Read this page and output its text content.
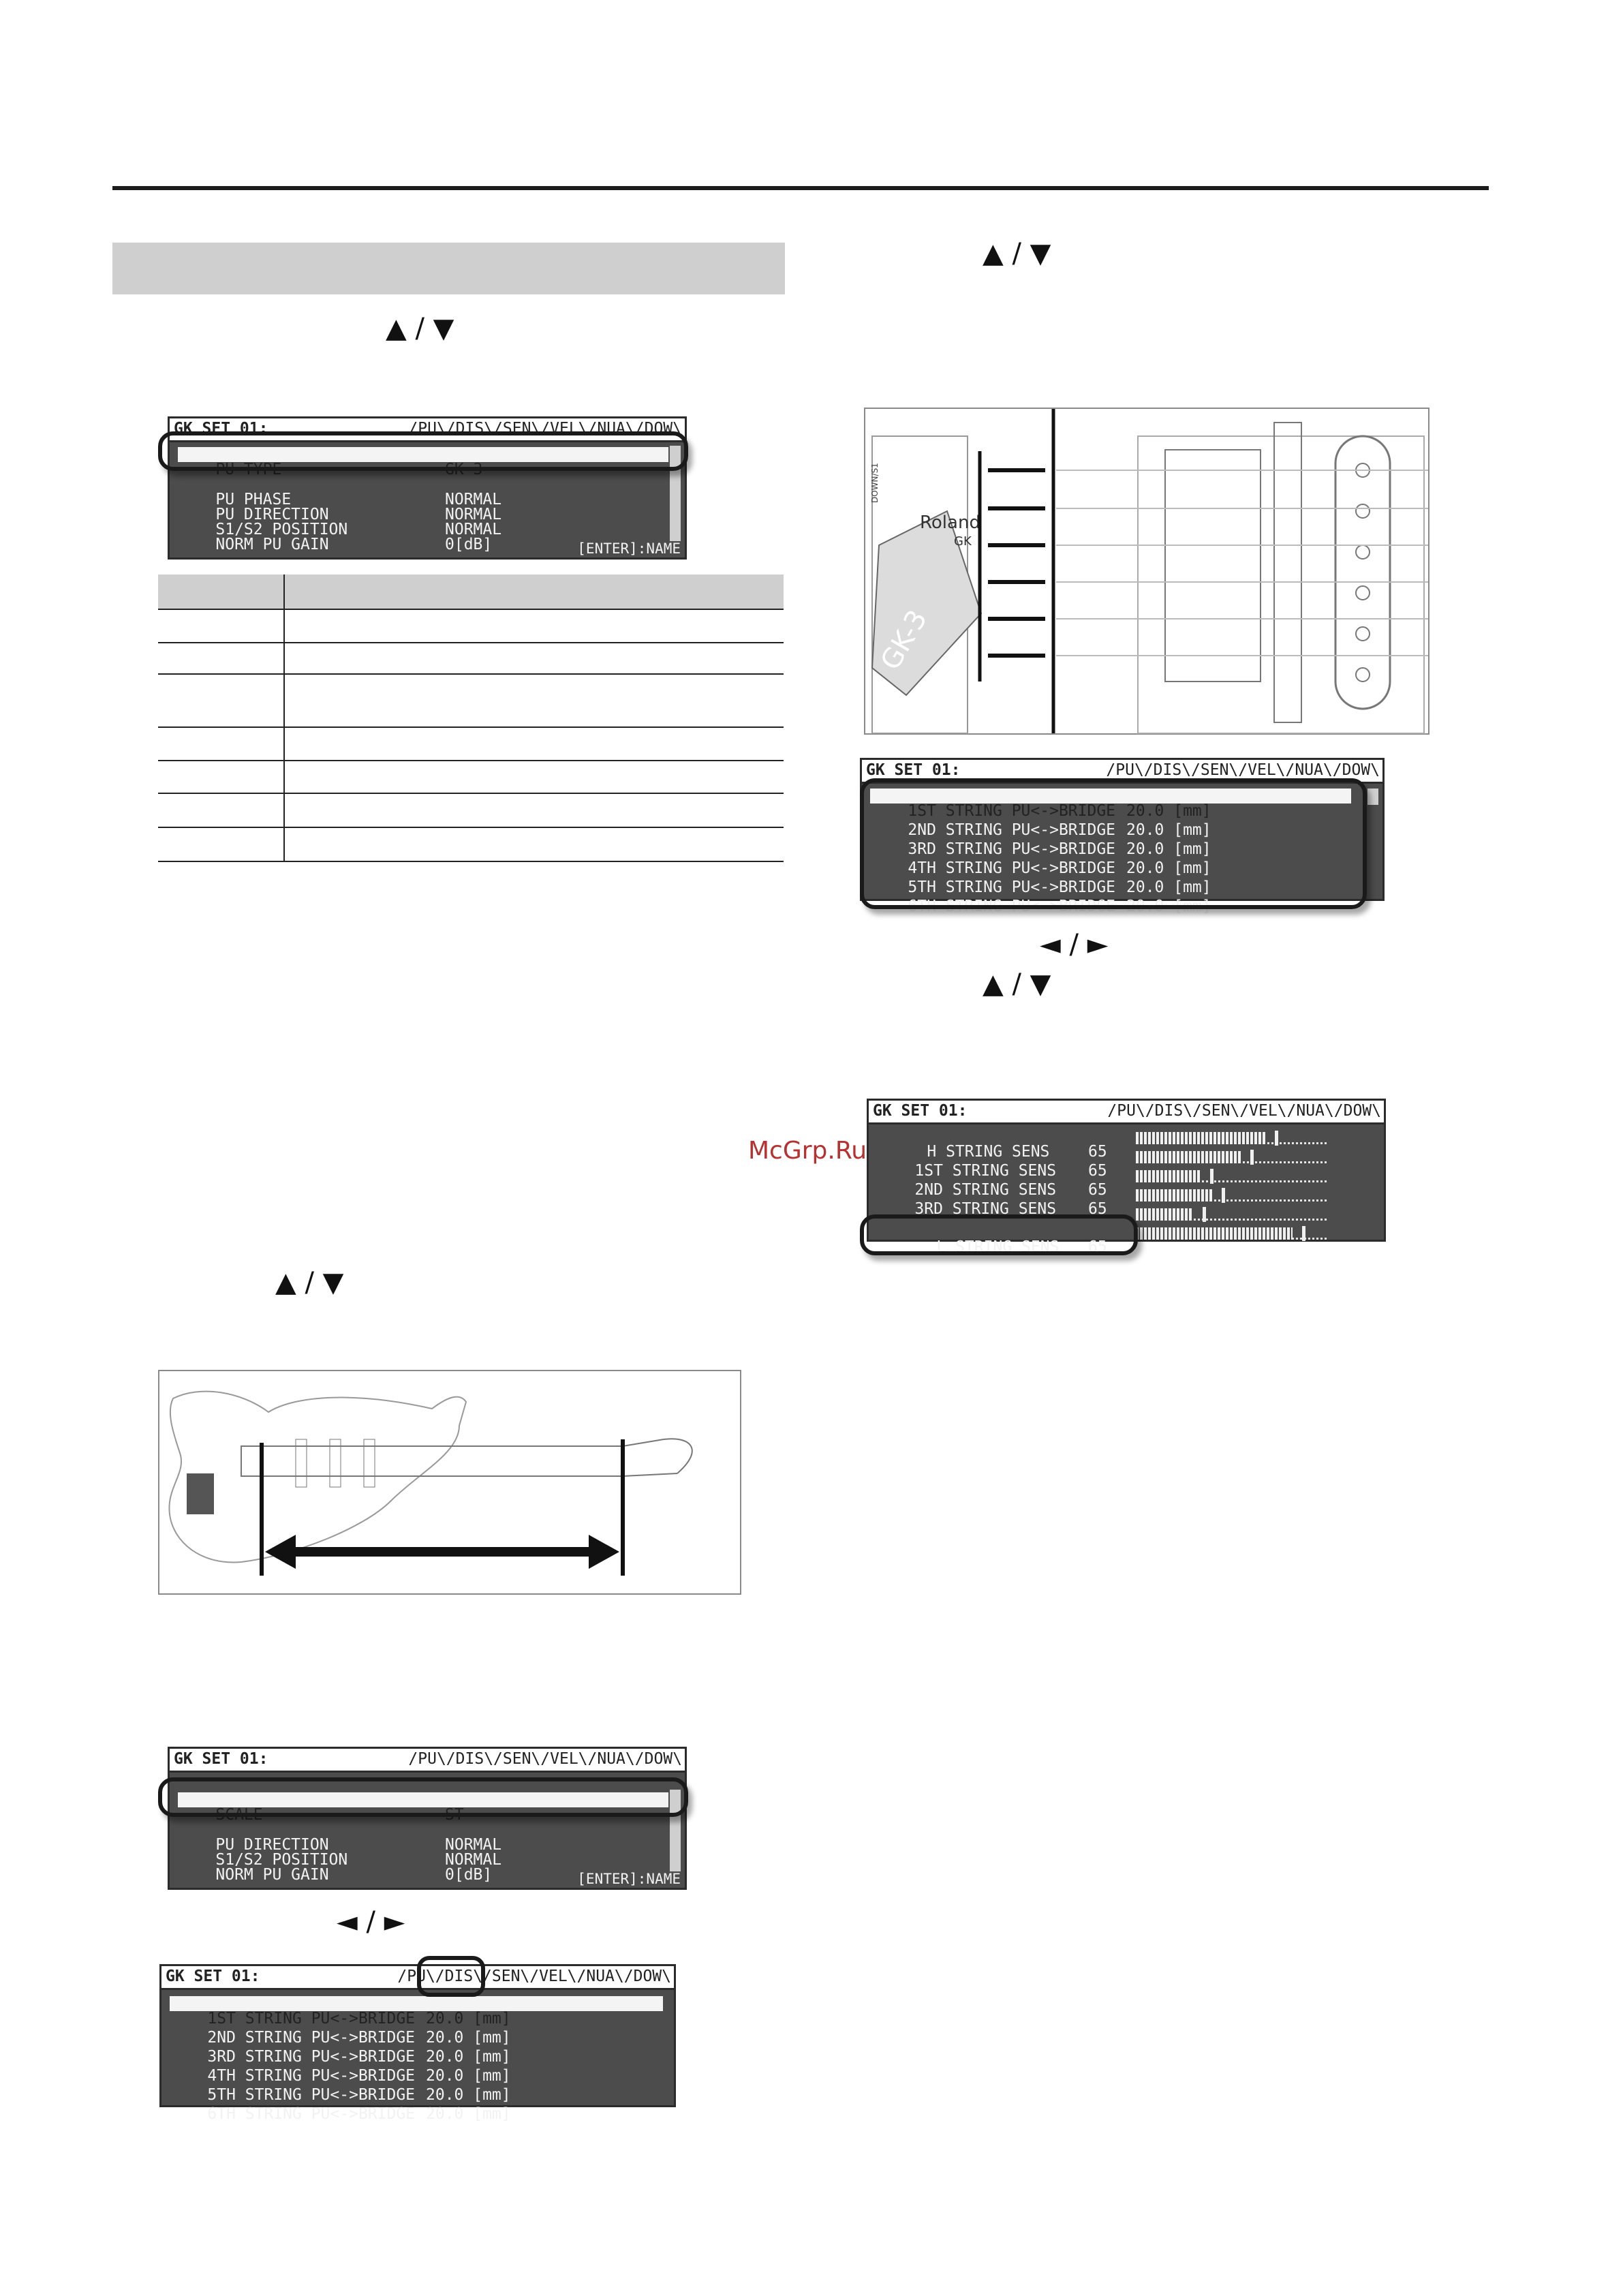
▲ / ▼
GK SET 01:	/PU\/DIS\/SEN\/VEL\/NUA\/DOW\

PU TYPE	GK-3

PU PHASE	NORMAL

PU DIRECTION	NORMAL

S1/S2 POSITION	NORMAL

NORM PU GAIN	0[dB]

	[ENTER]:NAME
▲ / ▼
GK SET 01:	/PU\/DIS\/SEN\/VEL\/NUA\/DOW\

SCALE	ST

PU DIRECTION	NORMAL

S1/S2 POSITION	NORMAL

NORM PU GAIN	0[dB]

	[ENTER]:NAME
◄ / ►
GK SET 01:	/PU\/DIS\/SEN\/VEL\/NUA\/DOW\

1ST STRING PU<->BRIDGE 20.0 [mm]

2ND STRING PU<->BRIDGE 20.0 [mm]

3RD STRING PU<->BRIDGE 20.0 [mm]

4TH STRING PU<->BRIDGE 20.0 [mm]

5TH STRING PU<->BRIDGE 20.0 [mm]

6TH STRING PU<->BRIDGE 20.0 [mm]

▲ / ▼
Roland
GK
GK-3
DOWN/S1
GK SET 01:	/PU\/DIS\/SEN\/VEL\/NUA\/DOW\

1ST STRING PU<->BRIDGE 20.0 [mm]

2ND STRING PU<->BRIDGE 20.0 [mm]

3RD STRING PU<->BRIDGE 20.0 [mm]

4TH STRING PU<->BRIDGE 20.0 [mm]

5TH STRING PU<->BRIDGE 20.0 [mm]

6TH STRING PU<->BRIDGE 20.0 [mm]

◄ / ►
▲ / ▼
McGrp.Ru
GK SET 01:	/PU\/DIS\/SEN\/VEL\/NUA\/DOW\

H STRING SENS 65

1ST STRING SENS 65

2ND STRING SENS 65

3RD STRING SENS 65

L STRING SENS 65
